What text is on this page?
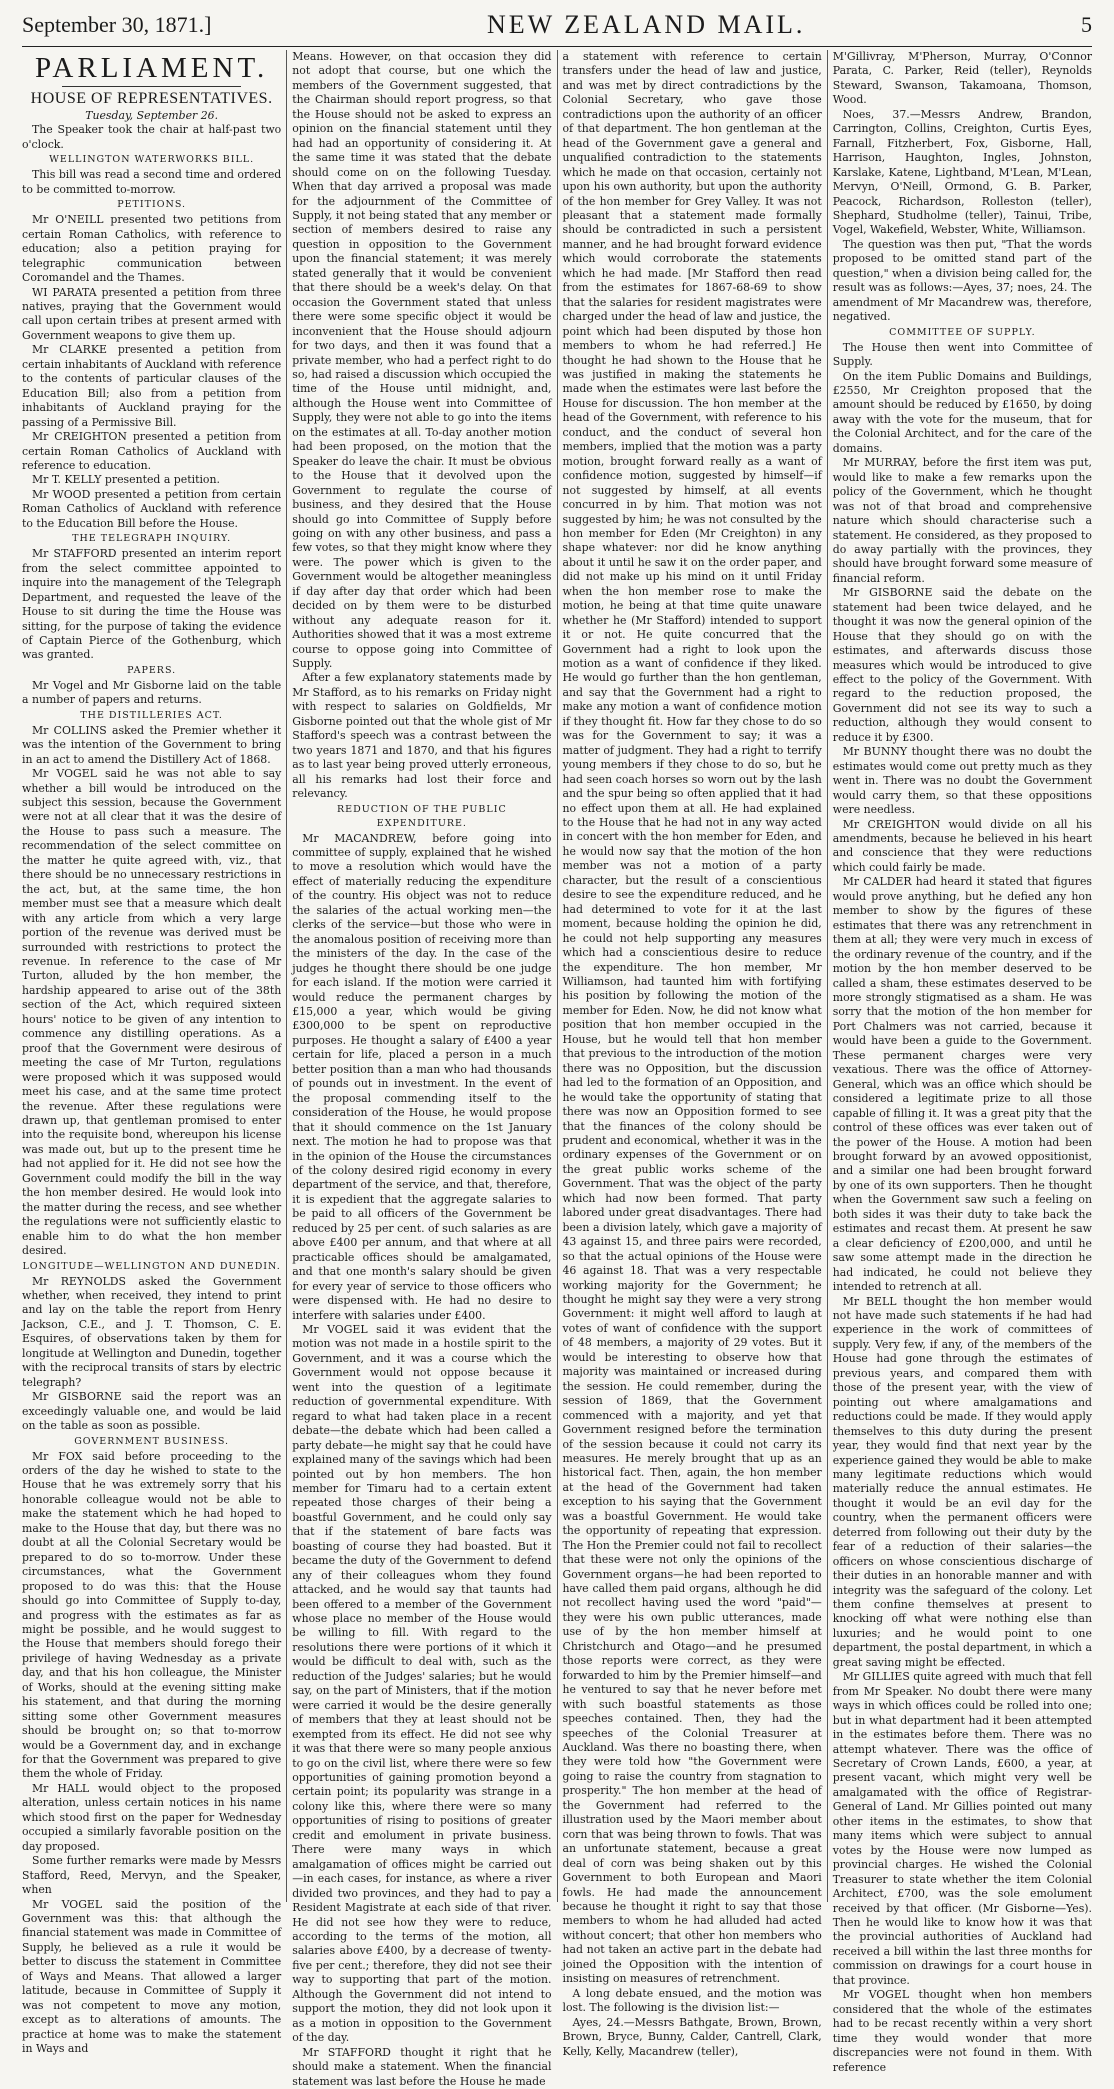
September 30, 1871.]	NEW ZEALAND MAIL.	5
PARLIAMENT.
HOUSE OF REPRESENTATIVES.
Tuesday, September 26.

The Speaker took the chair at half-past two o'clock.

WELLINGTON WATERWORKS BILL.

This bill was read a second time and ordered to be committed to-morrow.

PETITIONS.

Mr O'NEILL presented two petitions from certain Roman Catholics, with reference to education; also a petition praying for telegraphic communication between Coromandel and the Thames.

WI PARATA presented a petition from three natives, praying that the Government would call upon certain tribes at present armed with Government weapons to give them up.

Mr CLARKE presented a petition from certain inhabitants of Auckland with reference to the contents of particular clauses of the Education Bill; also from a petition from inhabitants of Auckland praying for the passing of a Permissive Bill.

Mr CREIGHTON presented a petition from certain Roman Catholics of Auckland with reference to education.

Mr T. KELLY presented a petition.

Mr WOOD presented a petition from certain Roman Catholics of Auckland with reference to the Education Bill before the House.

THE TELEGRAPH INQUIRY.

Mr STAFFORD presented an interim report from the select committee appointed to inquire into the management of the Telegraph Department, and requested the leave of the House to sit during the time the House was sitting, for the purpose of taking the evidence of Captain Pierce of the Gothenburg, which was granted.

PAPERS.

Mr Vogel and Mr Gisborne laid on the table a number of papers and returns.

THE DISTILLERIES ACT.

Mr COLLINS asked the Premier whether it was the intention of the Government to bring in an act to amend the Distillery Act of 1868.

Mr VOGEL said he was not able to say whether a bill would be introduced on the subject this session, because the Government were not at all clear that it was the desire of the House to pass such a measure. The recommendation of the select committee on the matter he quite agreed with, viz., that there should be no unnecessary restrictions in the act, but, at the same time, the hon member must see that a measure which dealt with any article from which a very large portion of the revenue was derived must be surrounded with restrictions to protect the revenue. In reference to the case of Mr Turton, alluded by the hon member, the hardship appeared to arise out of the 38th section of the Act, which required sixteen hours' notice to be given of any intention to commence any distilling operations. As a proof that the Government were desirous of meeting the case of Mr Turton, regulations were proposed which it was supposed would meet his case, and at the same time protect the revenue. After these regulations were drawn up, that gentleman promised to enter into the requisite bond, whereupon his license was made out, but up to the present time he had not applied for it. He did not see how the Government could modify the bill in the way the hon member desired. He would look into the matter during the recess, and see whether the regulations were not sufficiently elastic to enable him to do what the hon member desired.

LONGITUDE—WELLINGTON AND DUNEDIN.

Mr REYNOLDS asked the Government whether, when received, they intend to print and lay on the table the report from Henry Jackson, C.E., and J. T. Thomson, C. E. Esquires, of observations taken by them for longitude at Wellington and Dunedin, together with the reciprocal transits of stars by electric telegraph?

Mr GISBORNE said the report was an exceedingly valuable one, and would be laid on the table as soon as possible.

GOVERNMENT BUSINESS.

Mr FOX said before proceeding to the orders of the day he wished to state to the House that he was extremely sorry that his honorable colleague would not be able to make the statement which he had hoped to make to the House that day, but there was no doubt at all the Colonial Secretary would be prepared to do so to-morrow. Under these circumstances, what the Government proposed to do was this: that the House should go into Committee of Supply to-day, and progress with the estimates as far as might be possible, and he would suggest to the House that members should forego their privilege of having Wednesday as a private day, and that his hon colleague, the Minister of Works, should at the evening sitting make his statement, and that during the morning sitting some other Government measures should be brought on; so that to-morrow would be a Government day, and in exchange for that the Government was prepared to give them the whole of Friday.

Mr HALL would object to the proposed alteration, unless certain notices in his name which stood first on the paper for Wednesday occupied a similarly favorable position on the day proposed.

Some further remarks were made by Messrs Stafford, Reed, Mervyn, and the Speaker, when

Mr VOGEL said the position of the Government was this: that although the financial statement was made in Committee of Supply, he believed as a rule it would be better to discuss the statement in Committee of Ways and Means. That allowed a larger latitude, because in Committee of Supply it was not competent to move any motion, except as to alterations of amounts. The practice at home was to make the statement in Ways and

Means. However, on that occasion they did not adopt that course, but one which the members of the Government suggested, that the Chairman should report progress, so that the House should not be asked to express an opinion on the financial statement until they had had an opportunity of considering it. At the same time it was stated that the debate should come on on the following Tuesday. When that day arrived a proposal was made for the adjournment of the Committee of Supply, it not being stated that any member or section of members desired to raise any question in opposition to the Government upon the financial statement; it was merely stated generally that it would be convenient that there should be a week's delay. On that occasion the Government stated that unless there were some specific object it would be inconvenient that the House should adjourn for two days, and then it was found that a private member, who had a perfect right to do so, had raised a discussion which occupied the time of the House until midnight, and, although the House went into Committee of Supply, they were not able to go into the items on the estimates at all. To-day another motion had been proposed, on the motion that the Speaker do leave the chair. It must be obvious to the House that it devolved upon the Government to regulate the course of business, and they desired that the House should go into Committee of Supply before going on with any other business, and pass a few votes, so that they might know where they were. The power which is given to the Government would be altogether meaningless if day after day that order which had been decided on by them were to be disturbed without any adequate reason for it. Authorities showed that it was a most extreme course to oppose going into Committee of Supply.

After a few explanatory statements made by Mr Stafford, as to his remarks on Friday night with respect to salaries on Goldfields, Mr Gisborne pointed out that the whole gist of Mr Stafford's speech was a contrast between the two years 1871 and 1870, and that his figures as to last year being proved utterly erroneous, all his remarks had lost their force and relevancy.

REDUCTION OF THE PUBLIC EXPENDITURE.

Mr MACANDREW, before going into committee of supply, explained that he wished to move a resolution which would have the effect of materially reducing the expenditure of the country. His object was not to reduce the salaries of the actual working men—the clerks of the service—but those who were in the anomalous position of receiving more than the ministers of the day. In the case of the judges he thought there should be one judge for each island. If the motion were carried it would reduce the permanent charges by £15,000 a year, which would be giving £300,000 to be spent on reproductive purposes. He thought a salary of £400 a year certain for life, placed a person in a much better position than a man who had thousands of pounds out in investment. In the event of the proposal commending itself to the consideration of the House, he would propose that it should commence on the 1st January next. The motion he had to propose was that in the opinion of the House the circumstances of the colony desired rigid economy in every department of the service, and that, therefore, it is expedient that the aggregate salaries to be paid to all officers of the Government be reduced by 25 per cent. of such salaries as are above £400 per annum, and that where at all practicable offices should be amalgamated, and that one month's salary should be given for every year of service to those officers who were dispensed with. He had no desire to interfere with salaries under £400.

Mr VOGEL said it was evident that the motion was not made in a hostile spirit to the Government, and it was a course which the Government would not oppose because it went into the question of a legitimate reduction of governmental expenditure. With regard to what had taken place in a recent debate—the debate which had been called a party debate—he might say that he could have explained many of the savings which had been pointed out by hon members. The hon member for Timaru had to a certain extent repeated those charges of their being a boastful Government, and he could only say that if the statement of bare facts was boasting of course they had boasted. But it became the duty of the Government to defend any of their colleagues whom they found attacked, and he would say that taunts had been offered to a member of the Government whose place no member of the House would be willing to fill. With regard to the resolutions there were portions of it which it would be difficult to deal with, such as the reduction of the Judges' salaries; but he would say, on the part of Ministers, that if the motion were carried it would be the desire generally of members that they at least should not be exempted from its effect. He did not see why it was that there were so many people anxious to go on the civil list, where there were so few opportunities of gaining promotion beyond a certain point; its popularity was strange in a colony like this, where there were so many opportunities of rising to positions of greater credit and emolument in private business. There were many ways in which amalgamation of offices might be carried out—in each cases, for instance, as where a river divided two provinces, and they had to pay a Resident Magistrate at each side of that river. He did not see how they were to reduce, according to the terms of the motion, all salaries above £400, by a decrease of twenty-five per cent.; therefore, they did not see their way to supporting that part of the motion. Although the Government did not intend to support the motion, they did not look upon it as a motion in opposition to the Government of the day.

Mr STAFFORD thought it right that he should make a statement. When the financial statement was last before the House he made

a statement with reference to certain transfers under the head of law and justice, and was met by direct contradictions by the Colonial Secretary, who gave those contradictions upon the authority of an officer of that department. The hon gentleman at the head of the Government gave a general and unqualified contradiction to the statements which he made on that occasion, certainly not upon his own authority, but upon the authority of the hon member for Grey Valley. It was not pleasant that a statement made formally should be contradicted in such a persistent manner, and he had brought forward evidence which would corroborate the statements which he had made. [Mr Stafford then read from the estimates for 1867-68-69 to show that the salaries for resident magistrates were charged under the head of law and justice, the point which had been disputed by those hon members to whom he had referred.] He thought he had shown to the House that he was justified in making the statements he made when the estimates were last before the House for discussion. The hon member at the head of the Government, with reference to his conduct, and the conduct of several hon members, implied that the motion was a party motion, brought forward really as a want of confidence motion, suggested by himself—if not suggested by himself, at all events concurred in by him. That motion was not suggested by him; he was not consulted by the hon member for Eden (Mr Creighton) in any shape whatever: nor did he know anything about it until he saw it on the order paper, and did not make up his mind on it until Friday when the hon member rose to make the motion, he being at that time quite unaware whether he (Mr Stafford) intended to support it or not. He quite concurred that the Government had a right to look upon the motion as a want of confidence if they liked. He would go further than the hon gentleman, and say that the Government had a right to make any motion a want of confidence motion if they thought fit. How far they chose to do so was for the Government to say; it was a matter of judgment. They had a right to terrify young members if they chose to do so, but he had seen coach horses so worn out by the lash and the spur being so often applied that it had no effect upon them at all. He had explained to the House that he had not in any way acted in concert with the hon member for Eden, and he would now say that the motion of the hon member was not a motion of a party character, but the result of a conscientious desire to see the expenditure reduced, and he had determined to vote for it at the last moment, because holding the opinion he did, he could not help supporting any measures which had a conscientious desire to reduce the expenditure. The hon member, Mr Williamson, had taunted him with fortifying his position by following the motion of the member for Eden. Now, he did not know what position that hon member occupied in the House, but he would tell that hon member that previous to the introduction of the motion there was no Opposition, but the discussion had led to the formation of an Opposition, and he would take the opportunity of stating that there was now an Opposition formed to see that the finances of the colony should be prudent and economical, whether it was in the ordinary expenses of the Government or on the great public works scheme of the Government. That was the object of the party which had now been formed. That party labored under great disadvantages. There had been a division lately, which gave a majority of 43 against 15, and three pairs were recorded, so that the actual opinions of the House were 46 against 18. That was a very respectable working majority for the Government; he thought he might say they were a very strong Government: it might well afford to laugh at votes of want of confidence with the support of 48 members, a majority of 29 votes. But it would be interesting to observe how that majority was maintained or increased during the session. He could remember, during the session of 1869, that the Government commenced with a majority, and yet that Government resigned before the termination of the session because it could not carry its measures. He merely brought that up as an historical fact. Then, again, the hon member at the head of the Government had taken exception to his saying that the Government was a boastful Government. He would take the opportunity of repeating that expression. The Hon the Premier could not fail to recollect that these were not only the opinions of the Government organs—he had been reported to have called them paid organs, although he did not recollect having used the word "paid"—they were his own public utterances, made use of by the hon member himself at Christchurch and Otago—and he presumed those reports were correct, as they were forwarded to him by the Premier himself—and he ventured to say that he never before met with such boastful statements as those speeches contained. Then, they had the speeches of the Colonial Treasurer at Auckland. Was there no boasting there, when they were told how "the Government were going to raise the country from stagnation to prosperity." The hon member at the head of the Government had referred to the illustration used by the Maori member about corn that was being thrown to fowls. That was an unfortunate statement, because a great deal of corn was being shaken out by this Government to both European and Maori fowls. He had made the announcement because he thought it right to say that those members to whom he had alluded had acted without concert; that other hon members who had not taken an active part in the debate had joined the Opposition with the intention of insisting on measures of retrenchment.

A long debate ensued, and the motion was lost. The following is the division list:—

Ayes, 24.—Messrs Bathgate, Brown, Brown, Brown, Bryce, Bunny, Calder, Cantrell, Clark, Kelly, Kelly, Macandrew (teller),

M'Gillivray, M'Pherson, Murray, O'Connor Parata, C. Parker, Reid (teller), Reynolds Steward, Swanson, Takamoana, Thomson, Wood.

Noes, 37.—Messrs Andrew, Brandon, Carrington, Collins, Creighton, Curtis Eyes, Farnall, Fitzherbert, Fox, Gisborne, Hall, Harrison, Haughton, Ingles, Johnston, Karslake, Katene, Lightband, M'Lean, M'Lean, Mervyn, O'Neill, Ormond, G. B. Parker, Peacock, Richardson, Rolleston (teller), Shephard, Studholme (teller), Tainui, Tribe, Vogel, Wakefield, Webster, White, Williamson.

The question was then put, "That the words proposed to be omitted stand part of the question," when a division being called for, the result was as follows:—Ayes, 37; noes, 24. The amendment of Mr Macandrew was, therefore, negatived.

COMMITTEE OF SUPPLY.

The House then went into Committee of Supply.

On the item Public Domains and Buildings, £2550, Mr Creighton proposed that the amount should be reduced by £1650, by doing away with the vote for the museum, that for the Colonial Architect, and for the care of the domains.

Mr MURRAY, before the first item was put, would like to make a few remarks upon the policy of the Government, which he thought was not of that broad and comprehensive nature which should characterise such a statement. He considered, as they proposed to do away partially with the provinces, they should have brought forward some measure of financial reform.

Mr GISBORNE said the debate on the statement had been twice delayed, and he thought it was now the general opinion of the House that they should go on with the estimates, and afterwards discuss those measures which would be introduced to give effect to the policy of the Government. With regard to the reduction proposed, the Government did not see its way to such a reduction, although they would consent to reduce it by £300.

Mr BUNNY thought there was no doubt the estimates would come out pretty much as they went in. There was no doubt the Government would carry them, so that these oppositions were needless.

Mr CREIGHTON would divide on all his amendments, because he believed in his heart and conscience that they were reductions which could fairly be made.

Mr CALDER had heard it stated that figures would prove anything, but he defied any hon member to show by the figures of these estimates that there was any retrenchment in them at all; they were very much in excess of the ordinary revenue of the country, and if the motion by the hon member deserved to be called a sham, these estimates deserved to be more strongly stigmatised as a sham. He was sorry that the motion of the hon member for Port Chalmers was not carried, because it would have been a guide to the Government. These permanent charges were very vexatious. There was the office of Attorney-General, which was an office which should be considered a legitimate prize to all those capable of filling it. It was a great pity that the control of these offices was ever taken out of the power of the House. A motion had been brought forward by an avowed oppositionist, and a similar one had been brought forward by one of its own supporters. Then he thought when the Government saw such a feeling on both sides it was their duty to take back the estimates and recast them. At present he saw a clear deficiency of £200,000, and until he saw some attempt made in the direction he had indicated, he could not believe they intended to retrench at all.

Mr BELL thought the hon member would not have made such statements if he had had experience in the work of committees of supply. Very few, if any, of the members of the House had gone through the estimates of previous years, and compared them with those of the present year, with the view of pointing out where amalgamations and reductions could be made. If they would apply themselves to this duty during the present year, they would find that next year by the experience gained they would be able to make many legitimate reductions which would materially reduce the annual estimates. He thought it would be an evil day for the country, when the permanent officers were deterred from following out their duty by the fear of a reduction of their salaries—the officers on whose conscientious discharge of their duties in an honorable manner and with integrity was the safeguard of the colony. Let them confine themselves at present to knocking off what were nothing else than luxuries; and he would point to one department, the postal department, in which a great saving might be effected.

Mr GILLIES quite agreed with much that fell from Mr Speaker. No doubt there were many ways in which offices could be rolled into one; but in what department had it been attempted in the estimates before them. There was no attempt whatever. There was the office of Secretary of Crown Lands, £600, a year, at present vacant, which might very well be amalgamated with the office of Registrar-General of Land. Mr Gillies pointed out many other items in the estimates, to show that many items which were subject to annual votes by the House were now lumped as provincial charges. He wished the Colonial Treasurer to state whether the item Colonial Architect, £700, was the sole emolument received by that officer. (Mr Gisborne—Yes). Then he would like to know how it was that the provincial authorities of Auckland had received a bill within the last three months for commission on drawings for a court house in that province.

Mr VOGEL thought when hon members considered that the whole of the estimates had to be recast recently within a very short time they would wonder that more discrepancies were not found in them. With reference
